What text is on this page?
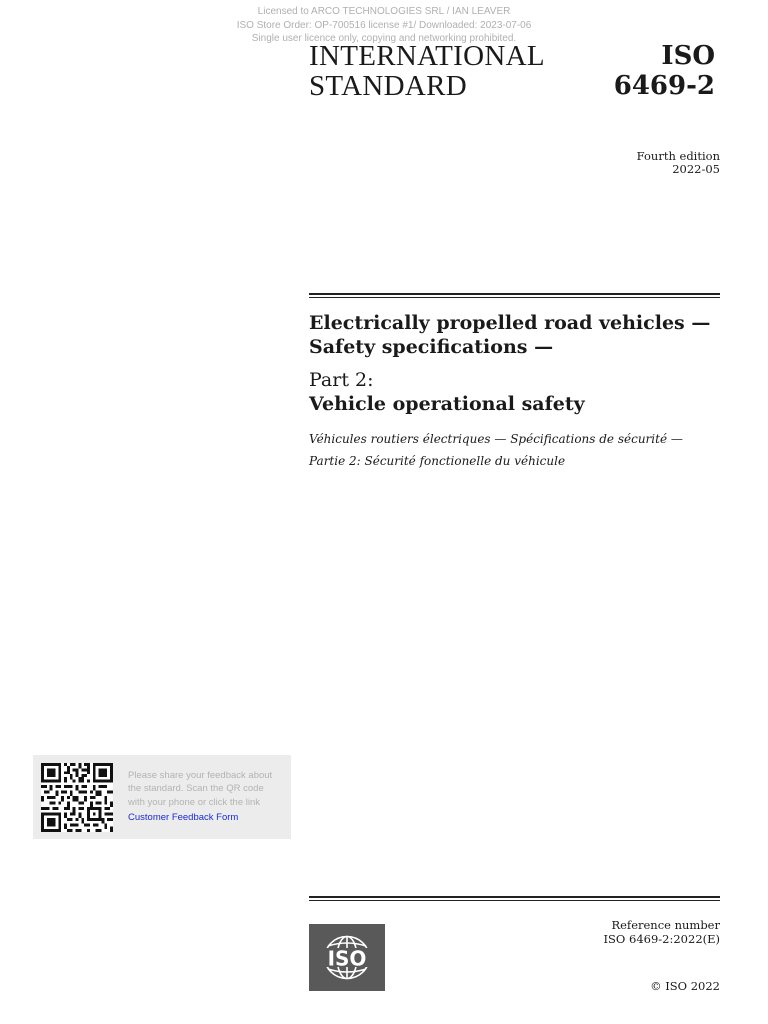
Licensed to ARCO TECHNOLOGIES SRL / IAN LEAVER
ISO Store Order: OP-700516 license #1/ Downloaded: 2023-07-06
Single user licence only, copying and networking prohibited.
INTERNATIONAL
STANDARD
ISO
6469-2
Fourth edition
2022-05
Electrically propelled road vehicles —
Safety specifications —
Part 2:
Vehicle operational safety
Véhicules routiers électriques — Spécifications de sécurité —
Partie 2: Sécurité fonctionelle du véhicule
Please share your feedback about
the standard. Scan the QR code
with your phone or click the link
Customer Feedback Form
ISO
Reference number
ISO 6469-2:2022(E)
© ISO 2022
